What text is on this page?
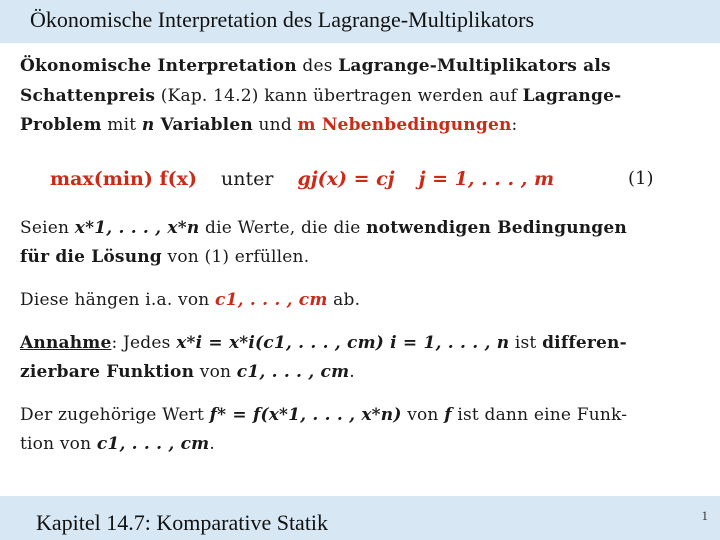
Ökonomische Interpretation des Lagrange-Multiplikators
Ökonomische Interpretation des Lagrange-Multiplikators als
Schattenpreis (Kap. 14.2) kann übertragen werden auf Lagrange-
Problem mit n Variablen und m Nebenbedingungen:
max(min) f(x) unter gj(x) = cj j = 1, . . . , m	(1)
Seien x*1, . . . , x*n die Werte, die die notwendigen Bedingungen
für die Lösung von (1) erfüllen.
Diese hängen i.a. von c1, . . . , cm ab.
Annahme: Jedes x*i = x*i(c1, . . . , cm) i = 1, . . . , n ist differen-
zierbare Funktion von c1, . . . , cm.
Der zugehörige Wert f* = f(x*1, . . . , x*n) von f ist dann eine Funk-
tion von c1, . . . , cm.
Kapitel 14.7: Komparative Statik	1
